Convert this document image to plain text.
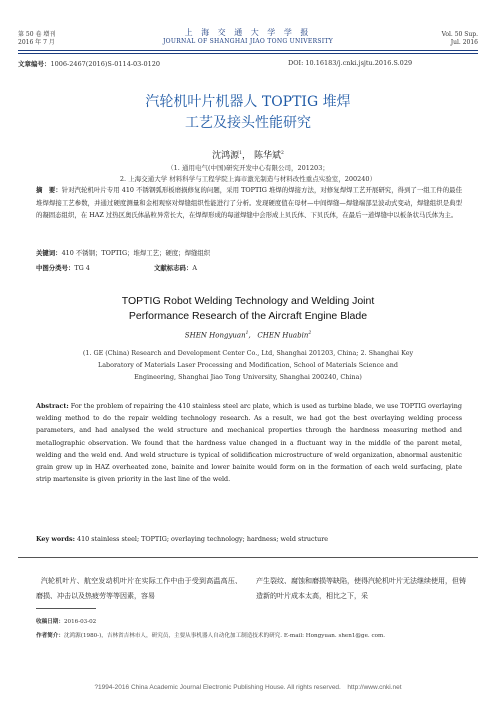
第 50 卷 增刊
2016 年 7 月
上 海 交 通 大 学 学 报
JOURNAL OF SHANGHAI JIAO TONG UNIVERSITY
Vol. 50 Sup.
Jul. 2016
文章编号：1006-2467(2016)S-0114-03-0120	DOI: 10.16183/j.cnki.jsjtu.2016.S.029
汽轮机叶片机器人 TOPTIG 堆焊
工艺及接头性能研究
沈鸿源$^1$， 陈华斌$^2$
（1. 通用电气(中国)研究开发中心有限公司，201203；
2. 上海交通大学 材料科学与工程学院上海市激光制造与材料改性重点实验室，200240）
摘　要：针对汽轮机叶片专用 410 不锈钢弧形板磨损修复的问题，采用 TOPTIG 堆焊的焊接方法，对修复焊焊工艺开展研究，得到了一组工件的最佳堆焊焊接工艺参数，并通过硬度测量和金相观察对焊缝组织性能进行了分析。发现硬度值在母材—中间焊缝—焊缝端部呈波动式变动，焊缝组织是典型的凝固态组织，在 HAZ 过热区奥氏体晶粒异常长大，在焊焊形成的每道焊缝中会形成上贝氏体、下贝氏体，在最后一道焊缝中以板条状马氏体为主。
关键词：410 不锈钢；TOPTIG；堆焊工艺；硬度；焊缝组织
中图分类号：TG 4	文献标志码：A
TOPTIG Robot Welding Technology and Welding Joint
Performance Research of the Aircraft Engine Blade
SHEN Hongyuan$^1$,   CHEN Huabin$^2$
(1. GE (China) Research and Development Center Co., Ltd, Shanghai 201203, China; 2. Shanghai Key
Laboratory of Materials Laser Processing and Modification, School of Materials Science and
Engineering, Shanghai Jiao Tong University, Shanghai 200240, China)
Abstract: For the problem of repairing the 410 stainless steel arc plate, which is used as turbine blade, we use TOPTIG overlaying welding method to do the repair welding technology research. As a result, we had got the best overlaying welding process parameters, and had analysed the weld structure and mechanical properties through the hardness measuring method and metallographic observation. We found that the hardness value changed in a fluctuant way in the middle of the parent metal, welding and the weld end. And weld structure is typical of solidification microstructure of weld organization, abnormal austenitic grain grew up in HAZ overheated zone, bainite and lower bainite would form on in the formation of each weld surfacing, plate strip martensite is given priority in the last line of the weld.
Key words: 410 stainless steel; TOPTIG; overlaying technology; hardness; weld structure
汽轮机叶片、航空发动机叶片在实际工作中由于受到高温高压、磨损、冲击以及热疲劳等等因素，容易
产生裂纹、腐蚀和磨损等缺陷，使得汽轮机叶片无法继续使用，但铸造新的叶片成本太高，相比之下，采
收稿日期：2016-03-02
作者简介：沈鸿源(1980-)，吉林省吉林市人，研究员，主要从事机器人自动化加工制造技术的研究. E-mail: Hongyuan. shen1@ge. com.
?1994-2016 China Academic Journal Electronic Publishing House. All rights reserved.　http://www.cnki.net
